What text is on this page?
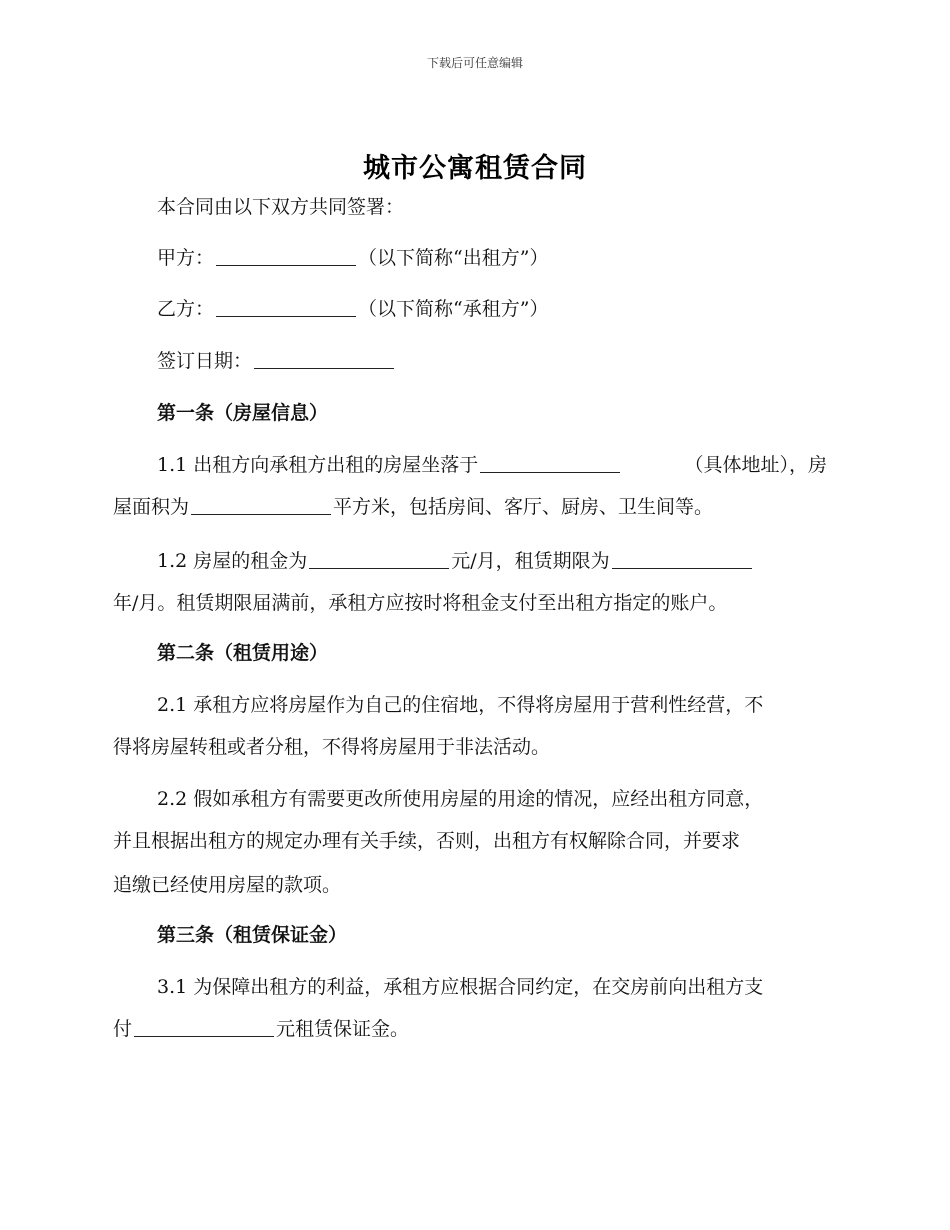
下载后可任意编辑
城市公寓租赁合同
本合同由以下双方共同签署：
甲方：	（以下简称“出租方”）
乙方：	（以下简称“承租方”）
签订日期：
第一条（房屋信息）
1.1 出租方向承租方出租的房屋坐落于	（具体地址），房
屋面积为	平方米，包括房间、客厅、厨房、卫生间等。
1.2 房屋的租金为	元/月，租赁期限为
年/月。租赁期限届满前，承租方应按时将租金支付至出租方指定的账户。
第二条（租赁用途）
2.1 承租方应将房屋作为自己的住宿地，不得将房屋用于营利性经营，不
得将房屋转租或者分租，不得将房屋用于非法活动。
2.2 假如承租方有需要更改所使用房屋的用途的情况，应经出租方同意，
并且根据出租方的规定办理有关手续，否则，出租方有权解除合同，并要求
追缴已经使用房屋的款项。
第三条（租赁保证金）
3.1 为保障出租方的利益，承租方应根据合同约定，在交房前向出租方支
付	元租赁保证金。
